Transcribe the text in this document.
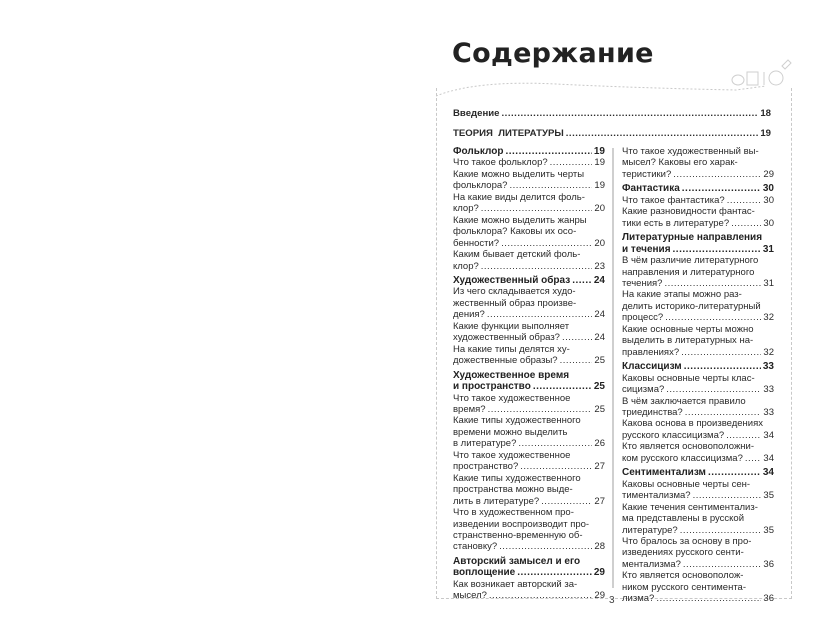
Содержание
Введение .....	18
ТЕОРИЯ  ЛИТЕРАТУРЫ .....	19
Фольклор .....	19
Что такое фольклор? .....	19
Какие можно выделить черты
фольклора? .....	19
На какие виды делится фоль-
клор? .....	20
Какие можно выделить жанры
фольклора? Каковы их осо-
бенности? .....	20
Каким бывает детский фоль-
клор? .....	23
Художественный образ ..... 24
Из чего складывается худо-
жественный образ произве-
дения? .....	24
Какие функции выполняет
художественный образ? .....	24
На какие типы делятся ху-
дожественные образы? .....	25
Художественное время
и пространство .....	25
Что такое художественное
время? .....	25
Какие типы художественного
времени можно выделить
в литературе? .....	26
Что такое художественное
пространство? .....	27
Какие типы художественного
пространства можно выде-
лить в литературе? .....	27
Что в художественном про-
изведении воспроизводит про-
странственно-временную об-
становку? .....	28
Авторский замысел и его
воплощение .....	29
Как возникает авторский за-
мысел? .....	29
Что такое художественный вы-
мысел? Каковы его харак-
теристики? .....	29
Фантастика .....	30
Что такое фантастика? .....	30
Какие разновидности фантас-
тики есть в литературе? .....	30
Литературные направления
и течения .....	31
В чём различие литературного
направления и литературного
течения? .....	31
На какие этапы можно раз-
делить историко-литературный
процесс? .....	32
Какие основные черты можно
выделить в литературных на-
правлениях? .....	32
Классицизм .....	33
Каковы основные черты клас-
сицизма? .....	33
В чём заключается правило
триединства? .....	33
Какова основа в произведениях
русского классицизма? .....	34
Кто является основоположни-
ком русского классицизма? ..... 34
Сентиментализм .....	34
Каковы основные черты сен-
тиментализма? .....	35
Какие течения сентиментализ-
ма представлены в русской
литературе? .....	35
Что бралось за основу в про-
изведениях русского сенти-
ментализма? .....	36
Кто является основополож-
ником русского сентимента-
лизма? .....	36
3
